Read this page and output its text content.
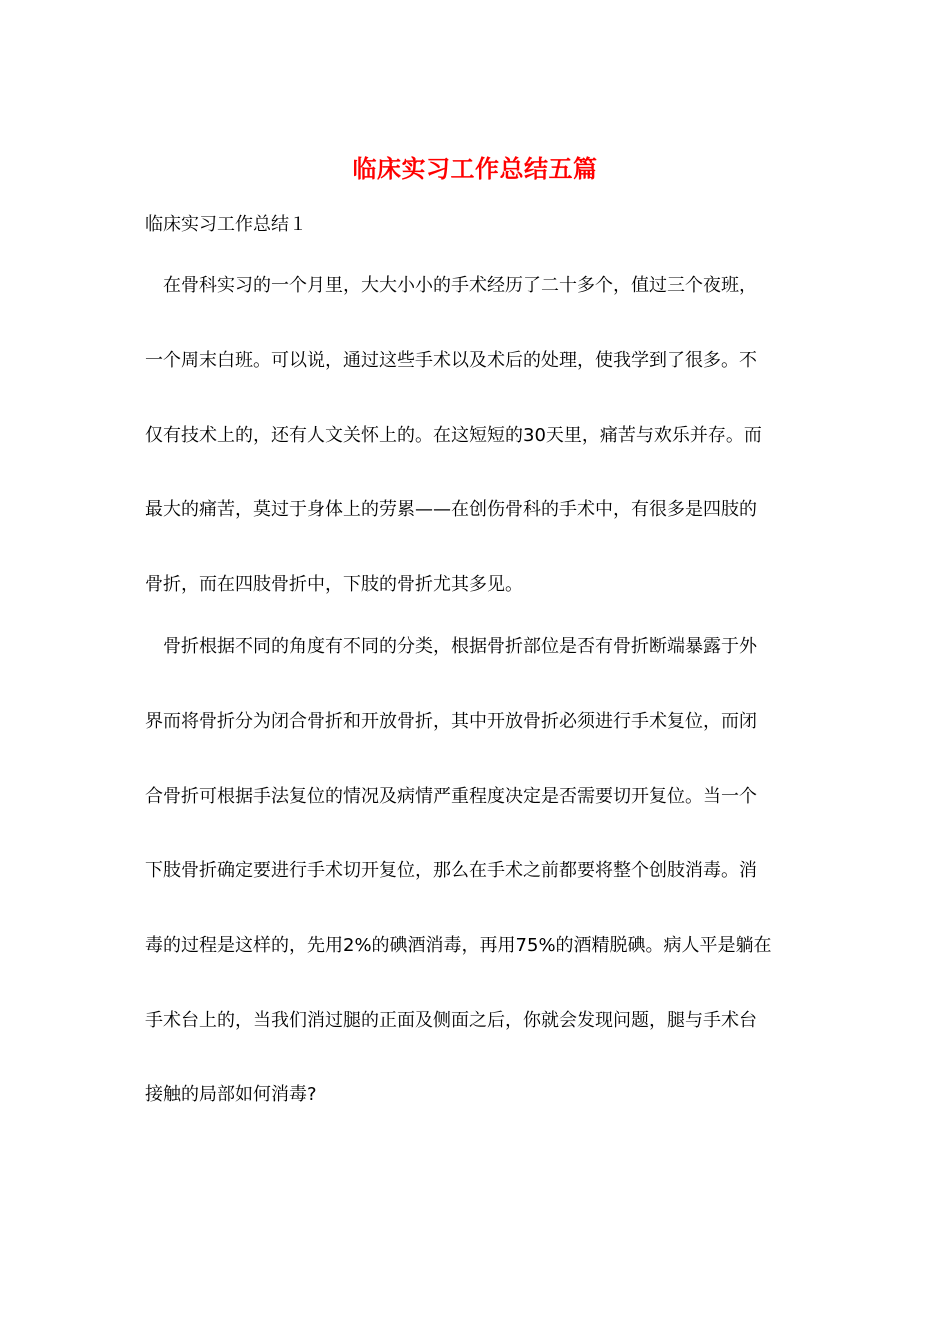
临床实习工作总结五篇
临床实习工作总结１
在骨科实习的一个月里，大大小小的手术经历了二十多个，值过三个夜班，
一个周末白班。可以说，通过这些手术以及术后的处理，使我学到了很多。不
仅有技术上的，还有人文关怀上的。在这短短的30天里，痛苦与欢乐并存。而
最大的痛苦，莫过于身体上的劳累——在创伤骨科的手术中，有很多是四肢的
骨折，而在四肢骨折中，下肢的骨折尤其多见。
骨折根据不同的角度有不同的分类，根据骨折部位是否有骨折断端暴露于外
界而将骨折分为闭合骨折和开放骨折，其中开放骨折必须进行手术复位，而闭
合骨折可根据手法复位的情况及病情严重程度决定是否需要切开复位。当一个
下肢骨折确定要进行手术切开复位，那么在手术之前都要将整个创肢消毒。消
毒的过程是这样的，先用2%的碘酒消毒，再用75%的酒精脱碘。病人平是躺在
手术台上的，当我们消过腿的正面及侧面之后，你就会发现问题，腿与手术台
接触的局部如何消毒?
